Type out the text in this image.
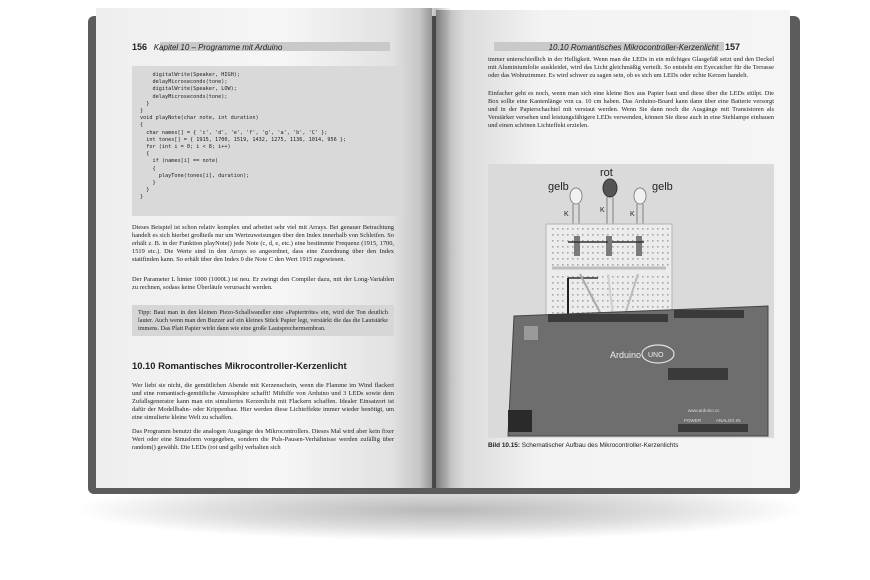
156 Kapitel 10 – Programme mit Arduino
digitalWrite(Speaker, HIGH);
delayMicroseconds(tone);
digitalWrite(Speaker, LOW);
delayMicroseconds(tone);
}
}
void playNote(char note, int duration)
{
char names[] = { 'c', 'd', 'e', 'f', 'g', 'a', 'b', 'C' };
int tones[] = { 1915, 1700, 1519, 1432, 1275, 1136, 1014, 956 };
for (int i = 0; i < 8; i++)
{
if (names[i] == note)
{
playTone(tones[i], duration);
}
}
}
Dieses Beispiel ist schon relativ komplex und arbeitet sehr viel mit Arrays. Bei genauer Betrachtung handelt es sich hierbei großteils nur um Wertzuweisungen über den Index innerhalb von Schleifen. So erhält z. B. in der Funktion playNote() jede Note (c, d, e, etc.) eine bestimmte Frequenz (1915, 1700, 1519 etc.). Die Werte sind in den Arrays so angeordnet, dass eine Zuordnung über den Index stattfinden kann. So erhält über den Index 0 die Note C den Wert 1915 zugewiesen.
Der Parameter L hinter 1000 (1000L) ist neu. Er zwingt den Compiler dazu, mit der Long-Variablen zu rechnen, sodass keine Überläufe verursacht werden.
Tipp: Baut man in den kleinen Piezo-Schallwandler eine »Papiertröte« ein, wird der Ton deutlich lauter. Auch wenn man den Buzzer auf ein kleines Stück Papier legt, verstärkt die das die Lautstärke immens. Das Platt Papier wirkt dann wie eine große Lautsprechermembran.
10.10 Romantisches Mikrocontroller-Kerzenlicht
Wer liebt sie nicht, die gemütlichen Abende mit Kerzenschein, wenn die Flamme im Wind flackert und eine romantisch-gemütliche Atmosphäre schafft! Mithilfe von Arduino und 3 LEDs sowie dem Zufallsgenerator kann man ein simuliertes Kerzenlicht mit Flackern schaffen. Idealer Einsatzort ist dafür der Modellbahn- oder Krippenbau. Hier werden diese Lichteffekte immer wieder benötigt, um eine simulierte kleine Welt zu schaffen.
Das Programm benutzt die analogen Ausgänge des Mikrocontrollers. Dieses Mal wird aber kein fixer Wert oder eine Sinusform vorgegeben, sondern die Puls-Pausen-Verhältnisse werden zufällig über random() gewählt. Die LEDs (rot und gelb) verhalten sich
10.10 Romantisches Mikrocontroller-Kerzenlicht 157
immer unterschiedlich in der Helligkeit. Wenn man die LEDs in ein milchiges Glasgefäß setzt und den Deckel mit Aluminiumfolie auskleidet, wird das Licht gleichmäßig verteilt. So entsteht ein Eyecatcher für die Terrasse oder das Wohnzimmer. Es wird schwer zu sagen sein, ob es sich um LEDs oder echte Kerzen handelt.
Einfacher geht es noch, wenn man sich eine kleine Box aus Papier baut und diese über die LEDs stülpt. Die Box sollte eine Kantenlänge von ca. 10 cm haben. Das Arduino-Board kann dann über eine Batterie versorgt und in der Papierschachtel mit verstaut werden. Wenn Sie dann noch die Ausgänge mit Transistoren als Verstärker versehen und leistungsfähigere LEDs verwenden, können Sie diese auch in eine Stehlampe einbauen und einen schönen Lichteffekt erzielen.
gelb
rot
gelb
K
K
K
Arduino UNO
www.arduino.cc
POWER	ANALOG IN
Bild 10.15: Schematischer Aufbau des Mikrocontroller-Kerzenlichts
